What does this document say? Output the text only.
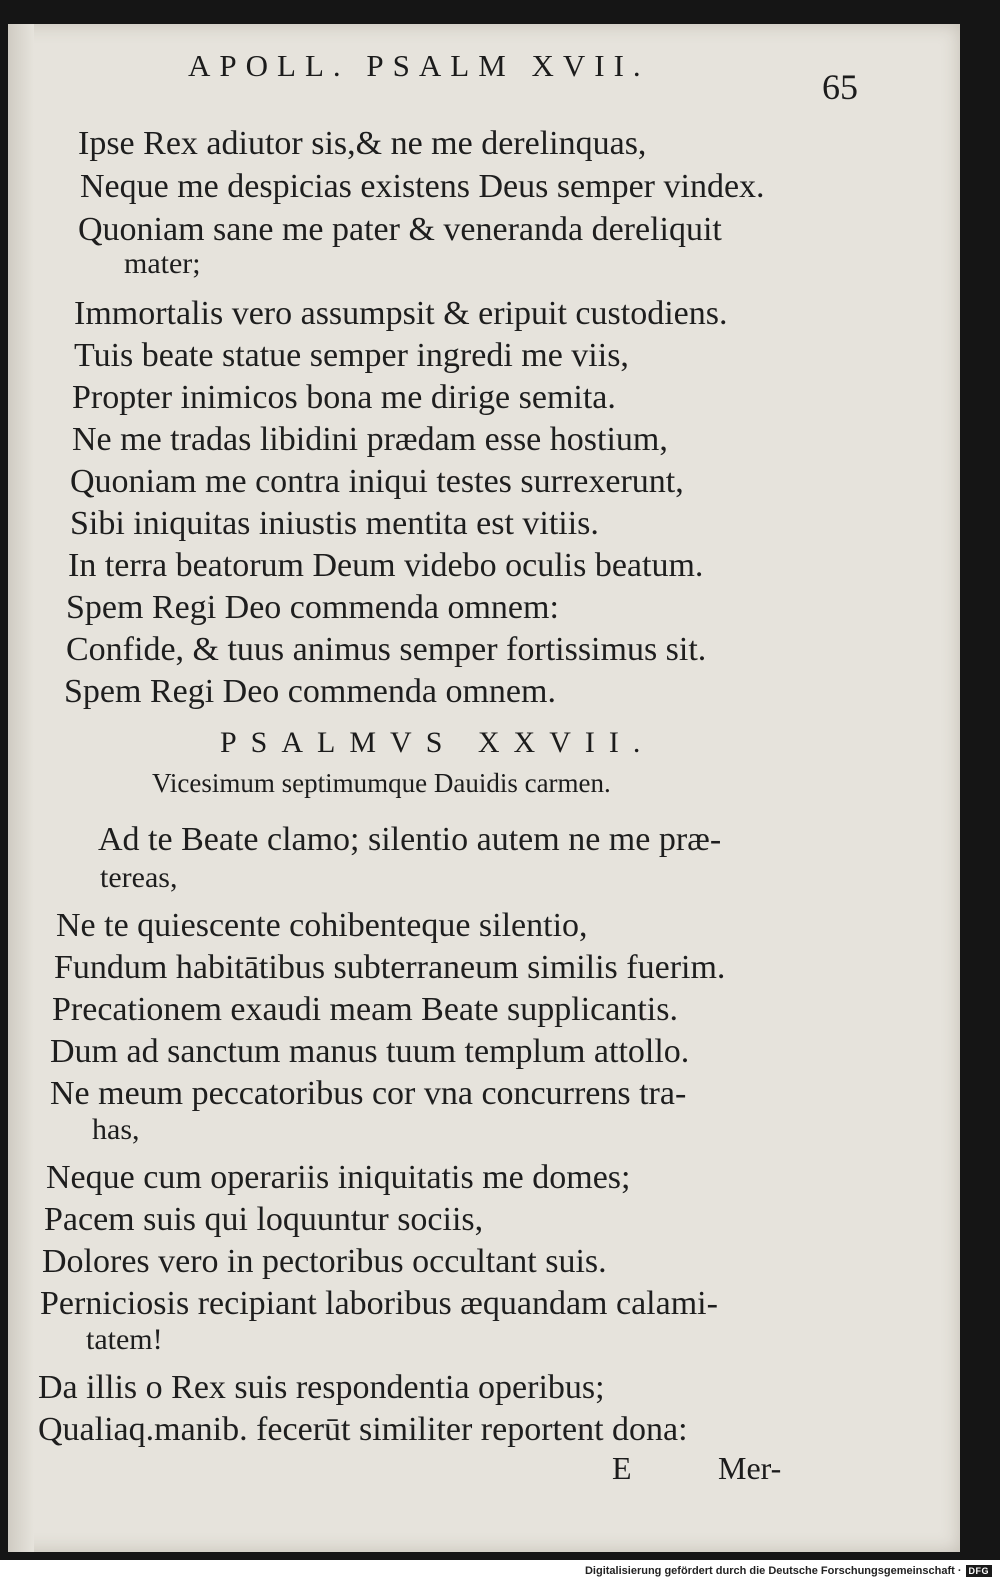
APOLL. PSALM XVII.
65
Ipse Rex adiutor sis,& ne me derelinquas,
Neque me despicias existens Deus semper vindex.
Quoniam sane me pater & veneranda dereliquit
mater;
Immortalis vero assumpsit & eripuit custodiens.
Tuis beate statue semper ingredi me viis,
Propter inimicos bona me dirige semita.
Ne me tradas libidini prædam esse hostium,
Quoniam me contra iniqui testes surrexerunt,
Sibi iniquitas iniustis mentita est vitiis.
In terra beatorum Deum videbo oculis beatum.
Spem Regi Deo commenda omnem:
Confide, & tuus animus semper fortissimus sit.
Spem Regi Deo commenda omnem.
PSALMVS XXVII.
Vicesimum septimumque Dauidis carmen.
Ad te Beate clamo; silentio autem ne me præ-
tereas,
Ne te quiescente cohibenteque silentio,
Fundum habitātibus subterraneum similis fuerim.
Precationem exaudi meam Beate supplicantis.
Dum ad sanctum manus tuum templum attollo.
Ne meum peccatoribus cor vna concurrens tra-
has,
Neque cum operariis iniquitatis me domes;
Pacem suis qui loquuntur sociis,
Dolores vero in pectoribus occultant suis.
Perniciosis recipiant laboribus æquandam calami-
tatem!
Da illis o Rex suis respondentia operibus;
Qualiaq.manib. fecerūt similiter reportent dona:
E	Mer-
Digitalisierung gefördert durch die Deutsche Forschungsgemeinschaft · DFG
